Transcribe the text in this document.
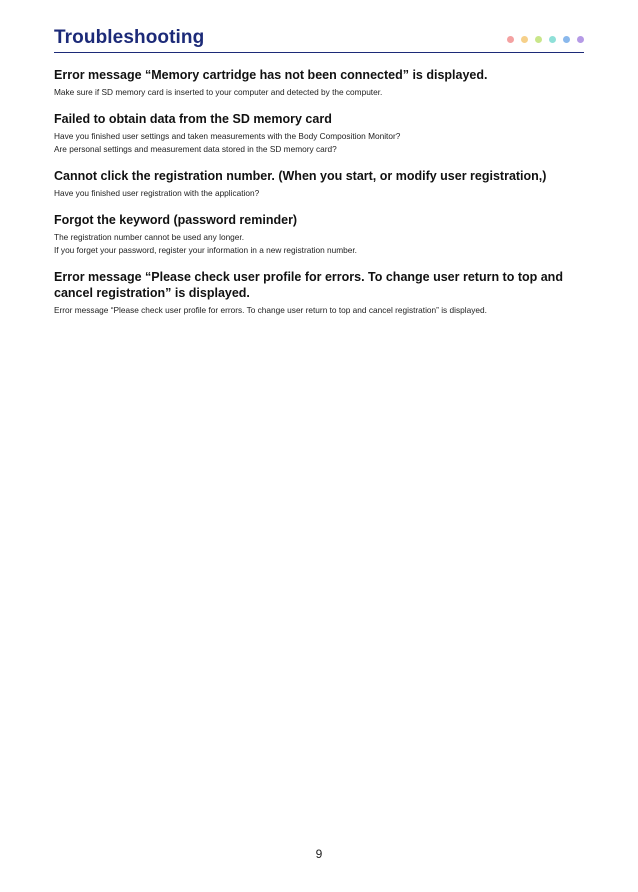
Troubleshooting
Error message “Memory cartridge has not been connected” is displayed.

Make sure if SD memory card is inserted to your computer and detected by the computer.

Failed to obtain data from the SD memory card

Have you finished user settings and taken measurements with the Body Composition Monitor?
Are personal settings and measurement data stored in the SD memory card?

Cannot click the registration number. (When you start, or modify user registration,)

Have you finished user registration with the application?

Forgot the keyword (password reminder)

The registration number cannot be used any longer.
If you forget your password, register your information in a new registration number.

Error message “Please check user profile for errors. To change user return to top and cancel registration” is displayed.

Error message “Please check user profile for errors. To change user return to top and cancel registration” is displayed.

9
